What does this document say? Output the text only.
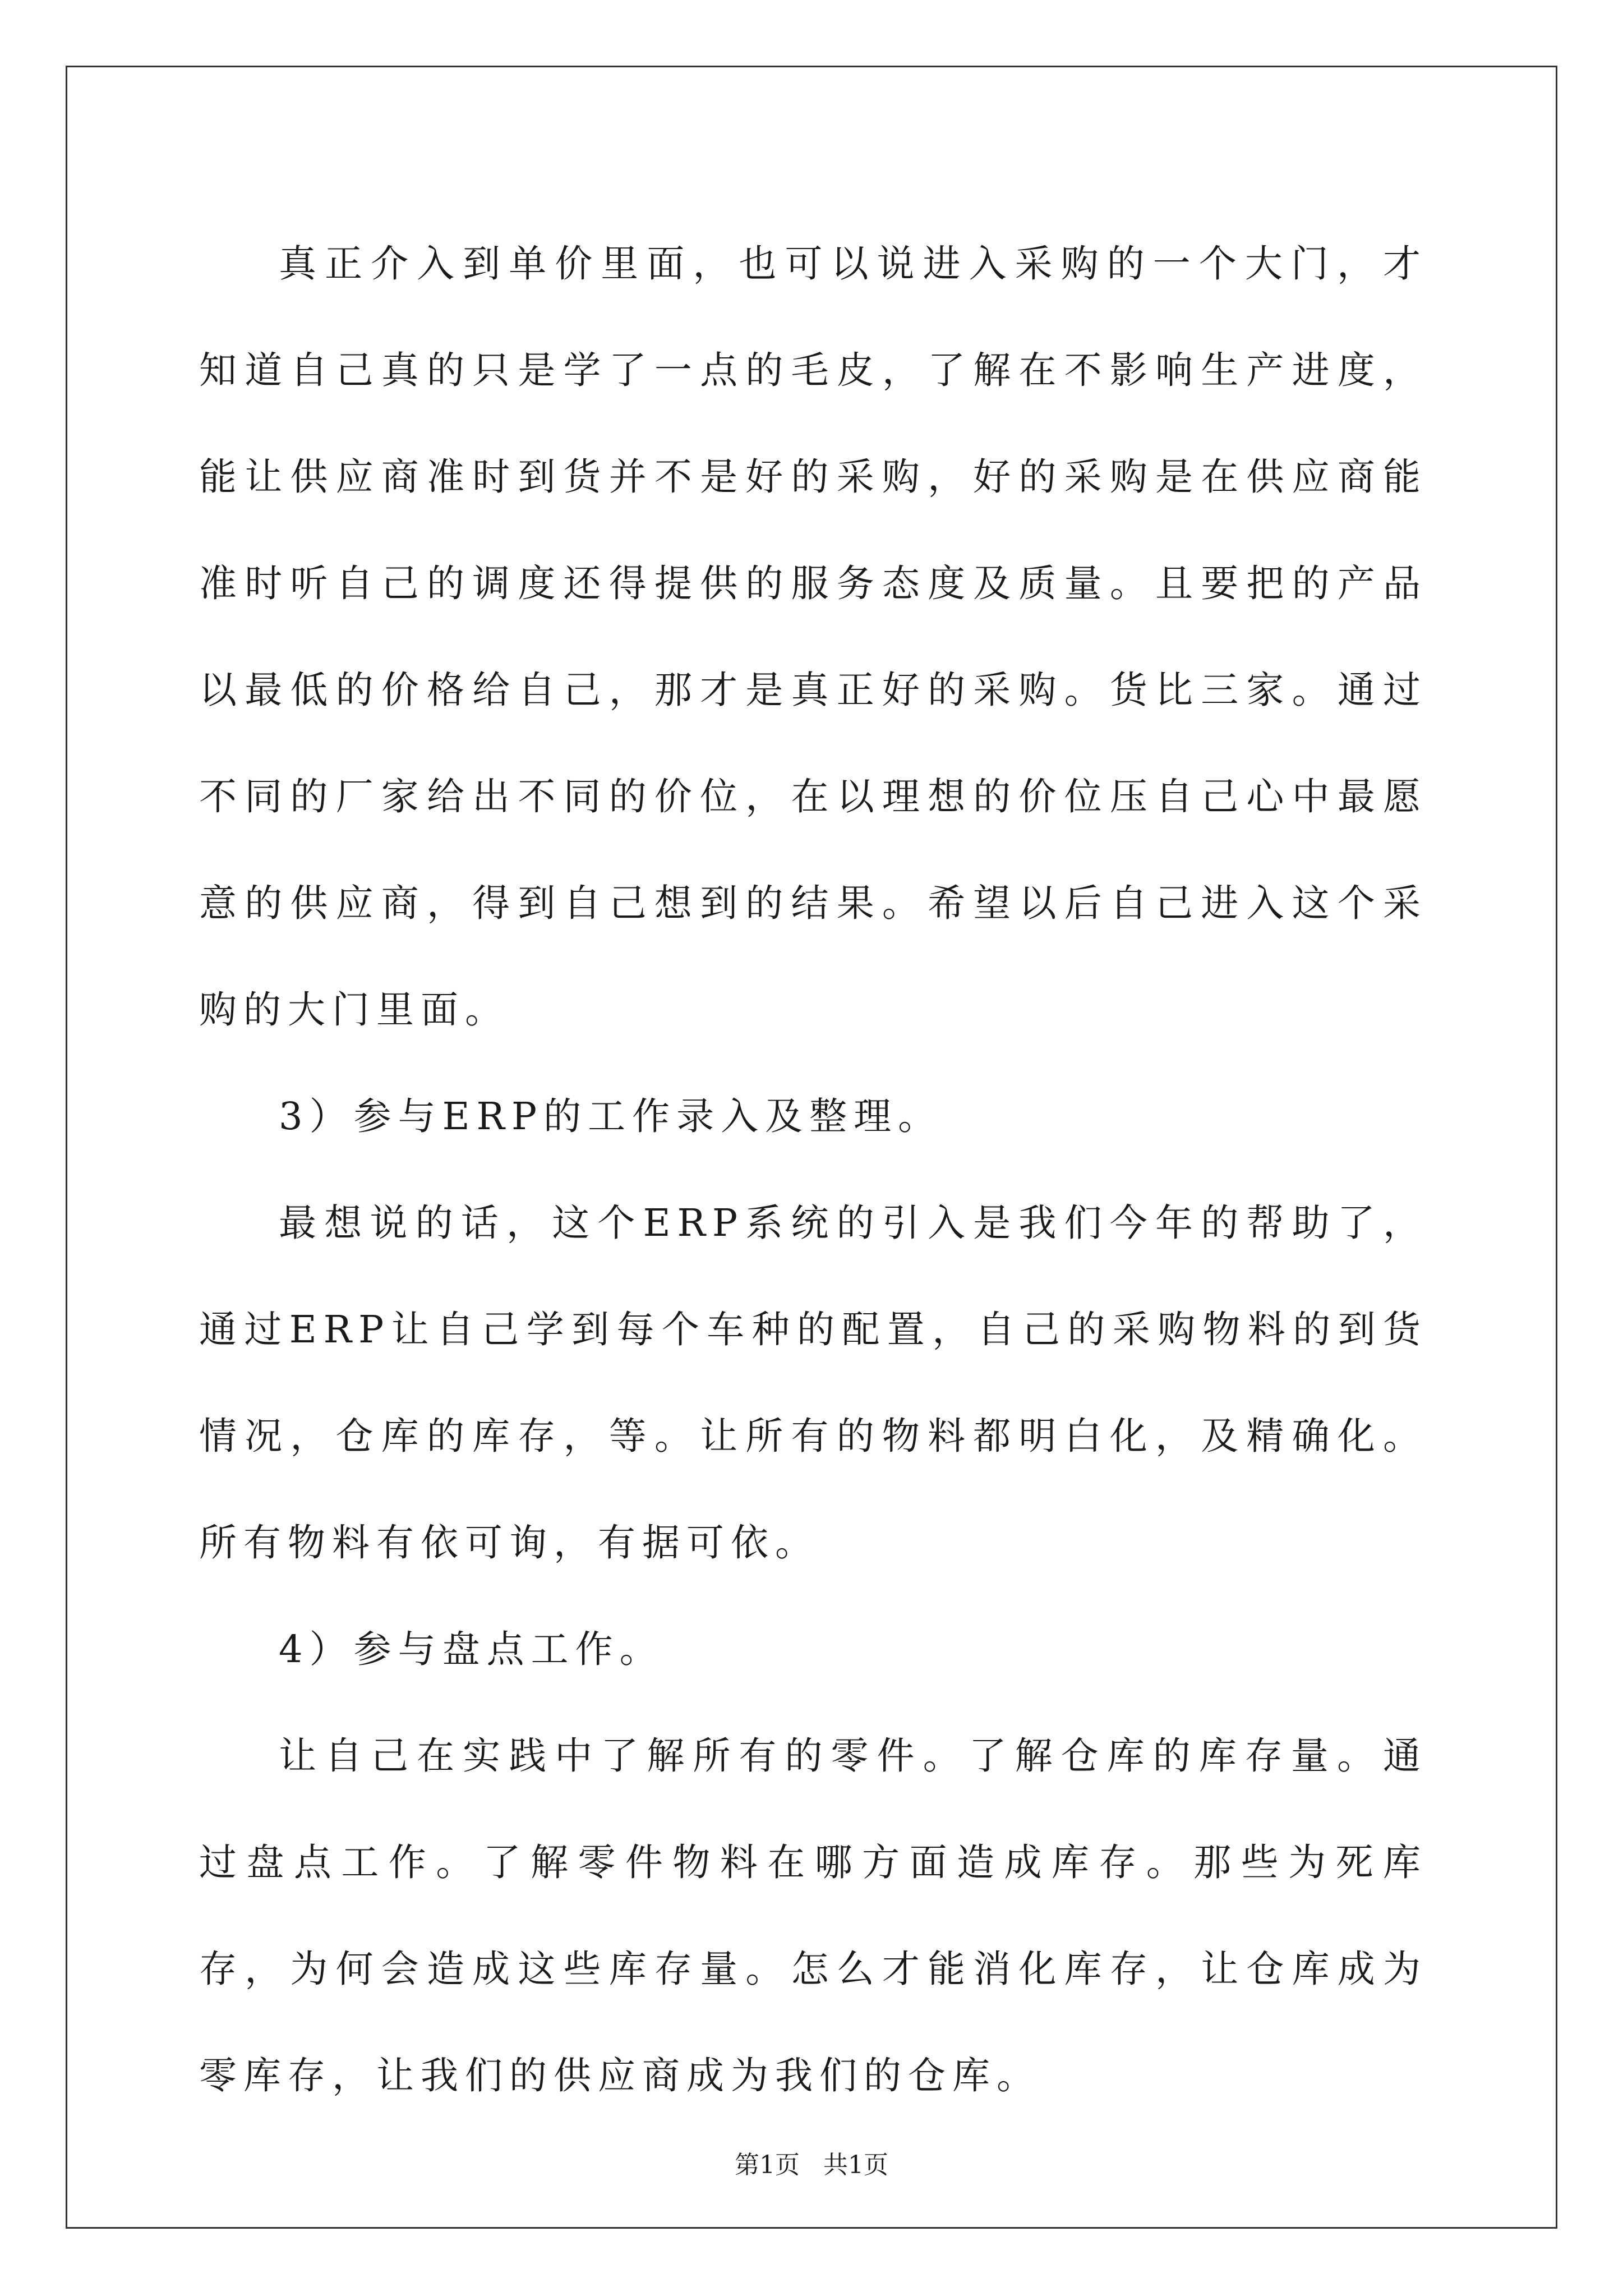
真正介入到单价里面，也可以说进入采购的一个大门，才知道自己真的只是学了一点的毛皮，了解在不影响生产进度，能让供应商准时到货并不是好的采购，好的采购是在供应商能准时听自己的调度还得提供的服务态度及质量。且要把的产品以最低的价格给自己，那才是真正好的采购。货比三家。通过不同的厂家给出不同的价位，在以理想的价位压自己心中最愿意的供应商，得到自己想到的结果。希望以后自己进入这个采购的大门里面。

3）参与ERP的工作录入及整理。

最想说的话，这个ERP系统的引入是我们今年的帮助了，通过ERP让自己学到每个车种的配置，自己的采购物料的到货情况，仓库的库存，等。让所有的物料都明白化，及精确化。所有物料有依可询，有据可依。

4）参与盘点工作。

让自己在实践中了解所有的零件。了解仓库的库存量。通过盘点工作。了解零件物料在哪方面造成库存。那些为死库存，为何会造成这些库存量。怎么才能消化库存，让仓库成为零库存，让我们的供应商成为我们的仓库。

第1页   共1页
